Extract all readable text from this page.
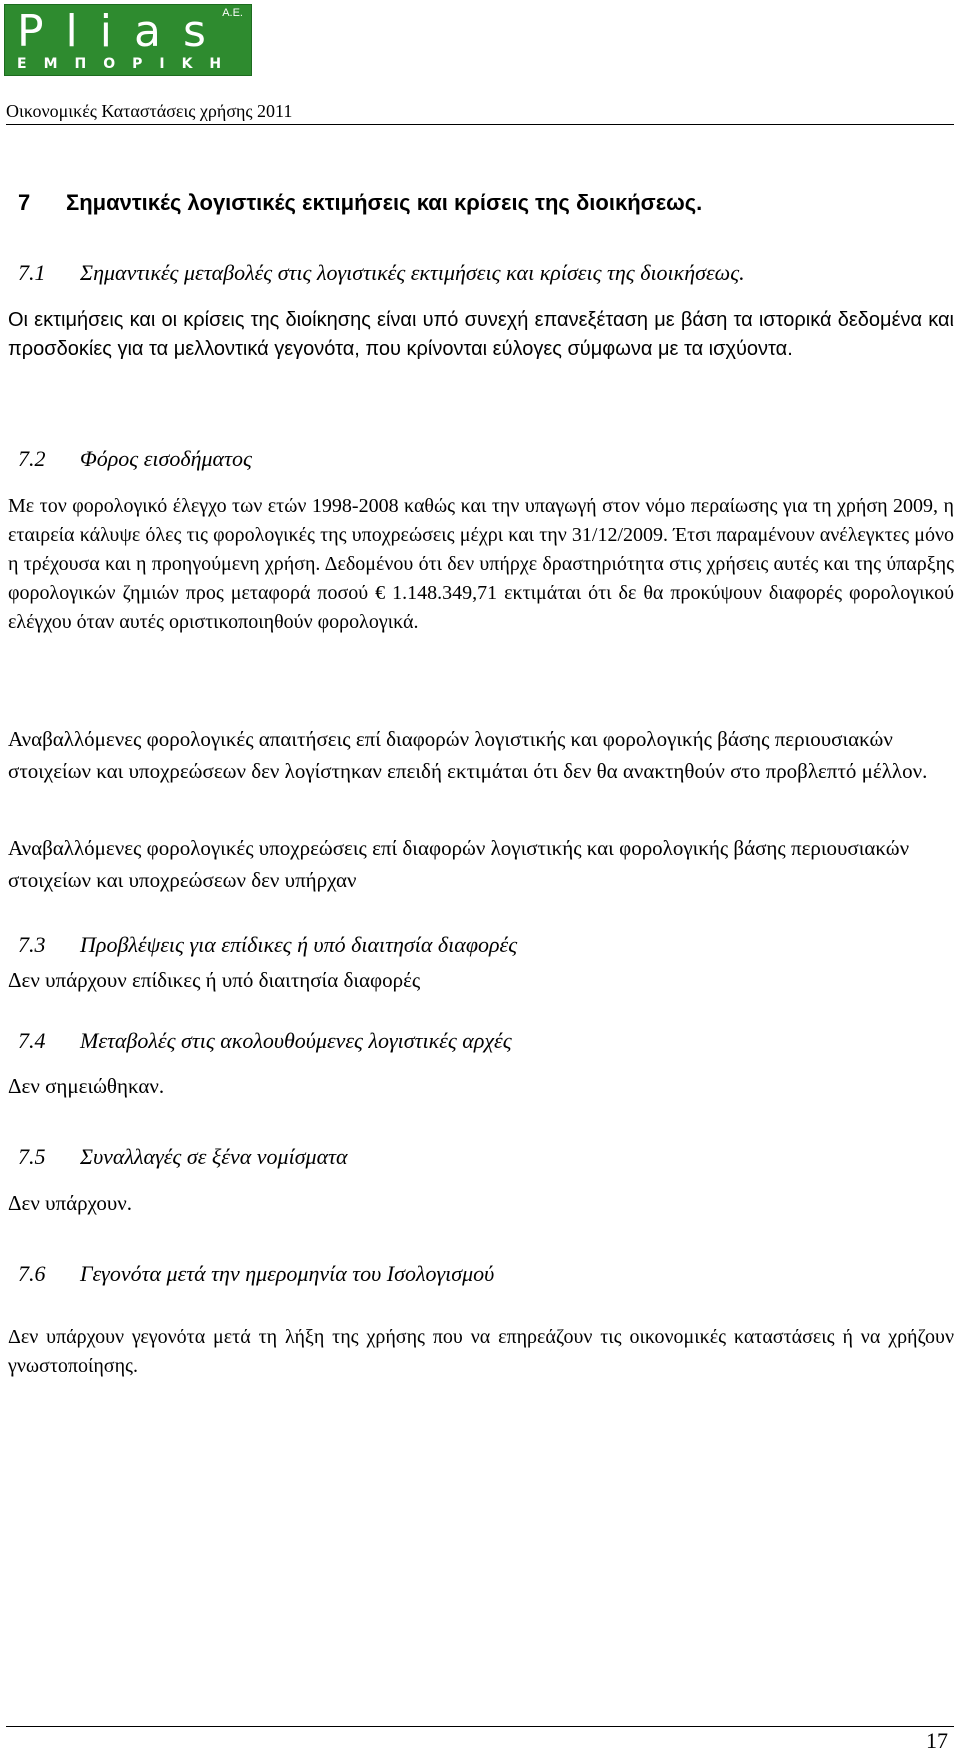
Plias
A.E.
ΕΜΠΟΡΙΚΗ
Οικονομικές Καταστάσεις χρήσης 2011
7 Σημαντικές λογιστικές εκτιμήσεις και κρίσεις της διοικήσεως.
7.1 Σημαντικές μεταβολές στις λογιστικές εκτιμήσεις και κρίσεις της διοικήσεως.
Οι εκτιμήσεις και οι κρίσεις της διοίκησης είναι υπό συνεχή επανεξέταση με βάση τα ιστορικά δεδομένα και προσδοκίες για τα μελλοντικά γεγονότα, που κρίνονται εύλογες σύμφωνα με τα ισχύοντα.
7.2 Φόρος εισοδήματος
Με τον φορολογικό έλεγχο των ετών 1998-2008 καθώς και την υπαγωγή στον νόμο περαίωσης για τη χρήση 2009, η εταιρεία κάλυψε όλες τις φορολογικές της υποχρεώσεις μέχρι και την 31/12/2009. Έτσι παραμένουν ανέλεγκτες μόνο η τρέχουσα και η προηγούμενη χρήση. Δεδομένου ότι δεν υπήρχε δραστηριότητα στις χρήσεις αυτές και της ύπαρξης φορολογικών ζημιών προς μεταφορά ποσού € 1.148.349,71 εκτιμάται ότι δε θα προκύψουν διαφορές φορολογικού ελέγχου όταν αυτές οριστικοποιηθούν φορολογικά.
Αναβαλλόμενες φορολογικές απαιτήσεις επί διαφορών λογιστικής και φορολογικής βάσης περιουσιακών στοιχείων και υποχρεώσεων δεν λογίστηκαν επειδή εκτιμάται ότι δεν θα ανακτηθούν στο προβλεπτό μέλλον.
Αναβαλλόμενες φορολογικές υποχρεώσεις επί διαφορών λογιστικής και φορολογικής βάσης περιουσιακών στοιχείων και υποχρεώσεων δεν υπήρχαν
7.3 Προβλέψεις για επίδικες ή υπό διαιτησία διαφορές
Δεν υπάρχουν επίδικες ή υπό διαιτησία διαφορές
7.4 Μεταβολές στις ακολουθούμενες λογιστικές αρχές
Δεν σημειώθηκαν.
7.5 Συναλλαγές σε ξένα νομίσματα
Δεν υπάρχουν.
7.6 Γεγονότα μετά την ημερομηνία του Ισολογισμού
Δεν υπάρχουν γεγονότα μετά τη λήξη της χρήσης που να επηρεάζουν τις οικονομικές καταστάσεις ή να χρήζουν γνωστοποίησης.
17
